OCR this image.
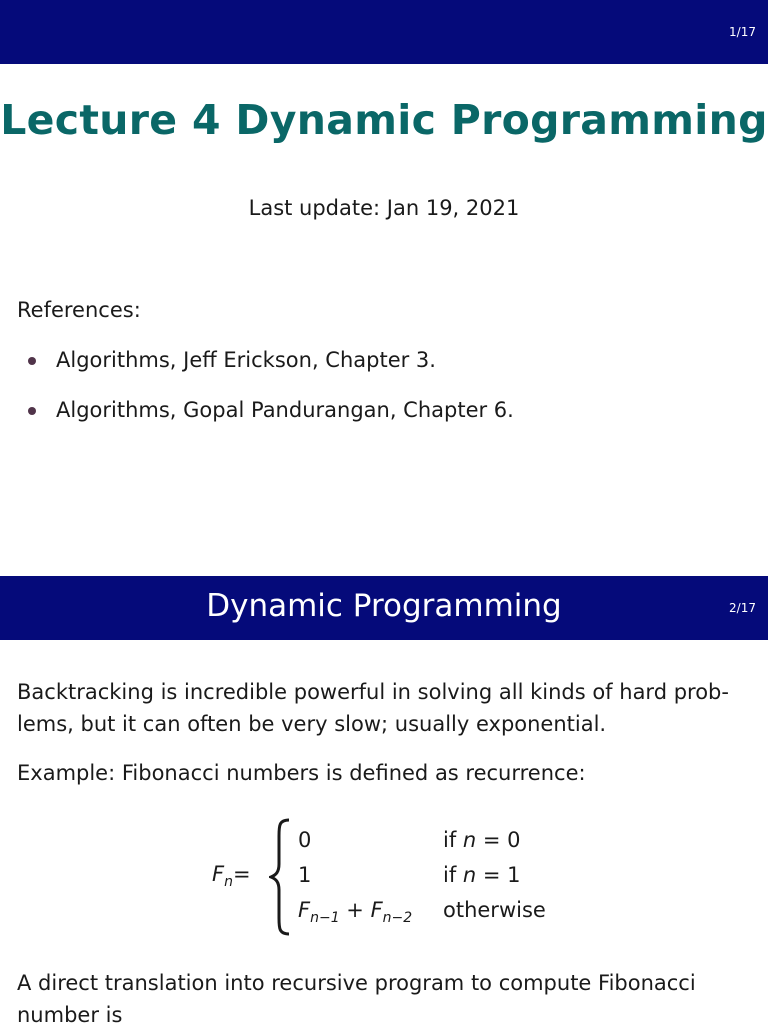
1/17
Lecture 4 Dynamic Programming
Last update: Jan 19, 2021
References:
Algorithms, Jeff Erickson, Chapter 3.
Algorithms, Gopal Pandurangan, Chapter 6.
Dynamic Programming	2/17
Backtracking is incredible powerful in solving all kinds of hard prob- lems, but it can often be very slow; usually exponential.
Example: Fibonacci numbers is defined as recurrence:
$F_n=$
0	if n = 0
1	if n = 1
$F_{n-1} + F_{n-2}$ otherwise
A direct translation into recursive program to compute Fibonacci number is
